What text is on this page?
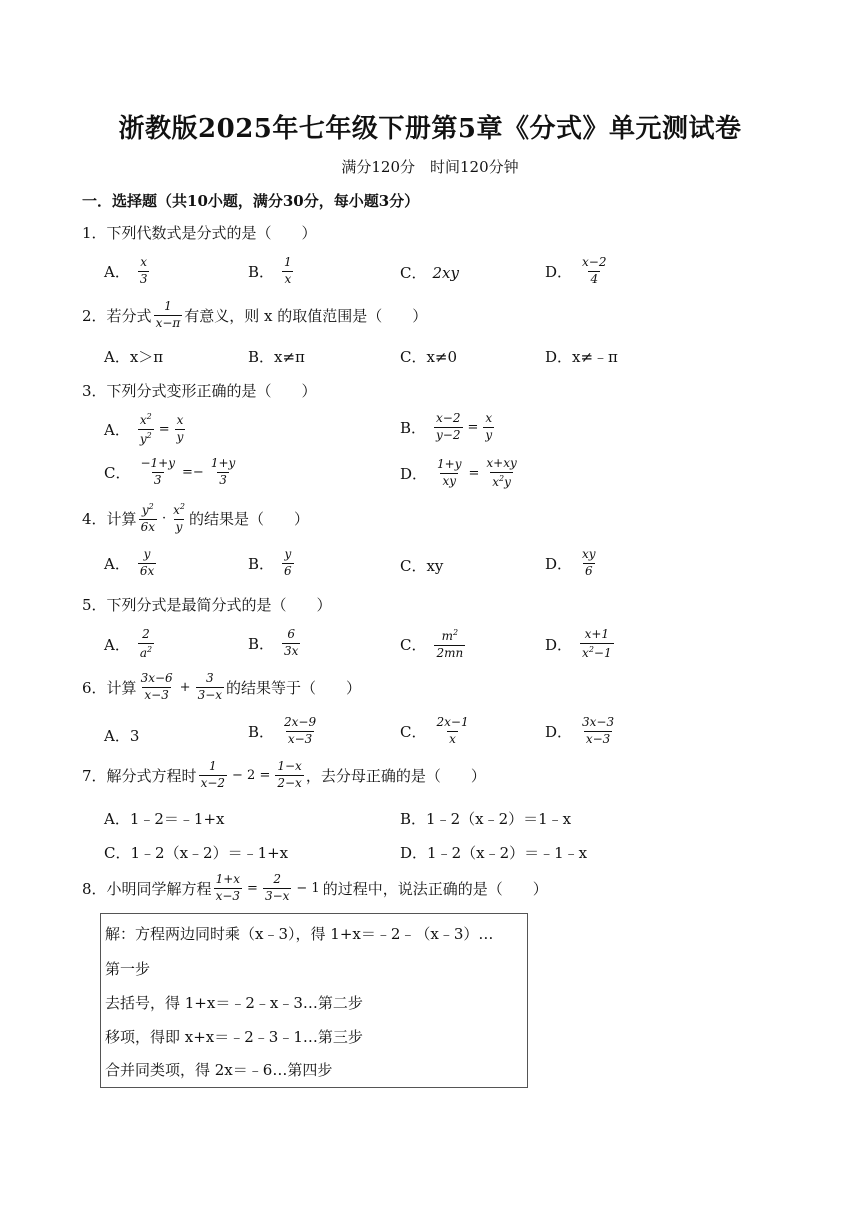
浙教版2025年七年级下册第5章《分式》单元测试卷
满分120分　时间120分钟
一．选择题（共10小题，满分30分，每小题3分）
1． 下列代数式是分式的是（　　）
A． $\frac{x}{3}$	B． $\frac{1}{x}$	C． 2xy	D． $\frac{x-2}{4}$
2． 若分式 $\frac{1}{x-\pi}$ 有意义，则 x 的取值范围是（　　）
A．x＞π	B．x≠π	C．x≠0	D．x≠﹣π
3． 下列分式变形正确的是（　　）
A． $\frac{x^2}{y^2} = \frac{x}{y}$	B． $\frac{x-2}{y-2} = \frac{x}{y}$
C． $\frac{-1+y}{3} =- \frac{1+y}{3}$	D． $\frac{1+y}{xy} = \frac{x+xy}{x^2y}$
4． 计算 $\frac{y^2}{6x} \cdot \frac{x^2}{y}$ 的结果是（　　）
A． $\frac{y}{6x}$	B． $\frac{y}{6}$	C．xy	D． $\frac{xy}{6}$
5． 下列分式是最简分式的是（　　）
A． $\frac{2}{a^2}$	B． $\frac{6}{3x}$	C． $\frac{m^2}{2mn}$	D． $\frac{x+1}{x^2-1}$
6． 计算 $\frac{3x-6}{x-3} + \frac{3}{3-x}$ 的结果等于（　　）
A．3	B． $\frac{2x-9}{x-3}$	C． $\frac{2x-1}{x}$	D． $\frac{3x-3}{x-3}$
7． 解分式方程时 $\frac{1}{x-2} - 2 = \frac{1-x}{2-x}$ ，去分母正确的是（　　）
A．1﹣2＝﹣1+x	B．1﹣2（x﹣2）＝1﹣x
C．1﹣2（x﹣2）＝﹣1+x	D．1﹣2（x﹣2）＝﹣1﹣x
8． 小明同学解方程 $\frac{1+x}{x-3} = \frac{2}{3-x} - 1$ 的过程中，说法正确的是（　　）
解：方程两边同时乘（x﹣3），得 1+x＝﹣2﹣（x﹣3）…
第一步
去括号，得 1+x＝﹣2﹣x﹣3…第二步
移项，得即 x+x＝﹣2﹣3﹣1…第三步
合并同类项，得 2x＝﹣6…第四步
